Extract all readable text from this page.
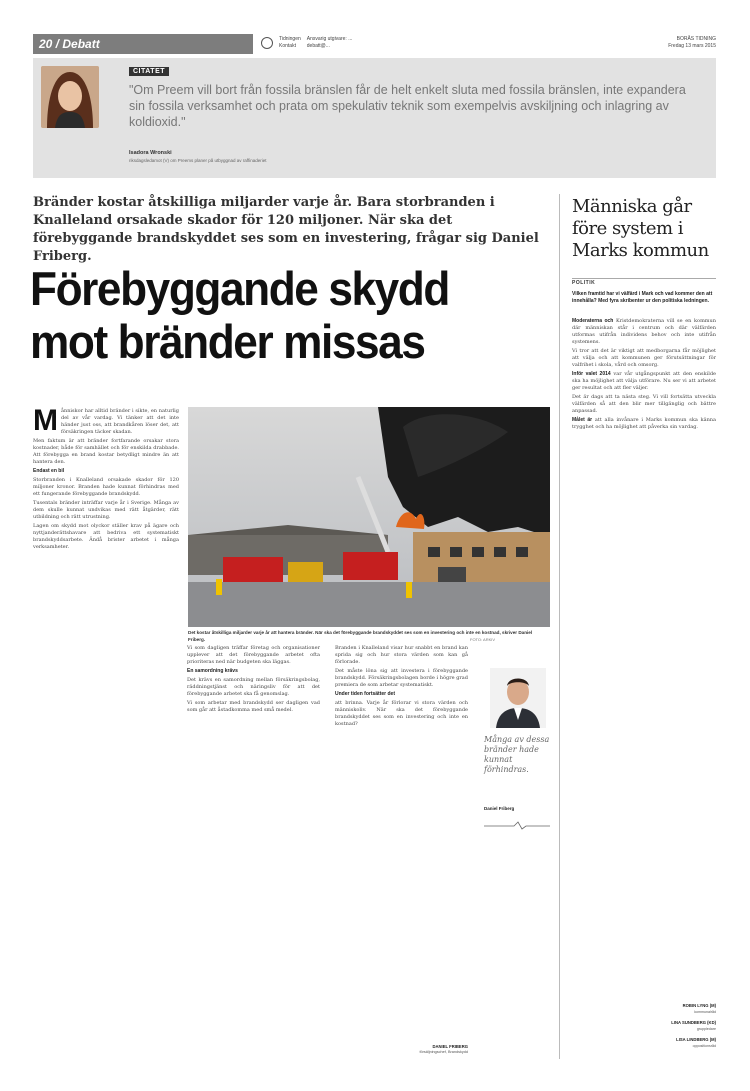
20 / Debatt	Tidningen
Kontakt
Ansvarig utgivare: ...
debatt@...
BORÅS TIDNING
Fredag 13 mars 2015
CITATET
"Om Preem vill bort från fossila bränslen får de helt enkelt sluta med fossila bränslen, inte expandera sin fossila verksamhet och prata om spekulativ teknik som exempelvis avskiljning och inlagring av koldioxid."
Isadora Wronski
riksdagsledamot (V) om Preems planer på utbyggnad av raffinaderiet
Bränder kostar åtskilliga miljarder varje år. Bara storbranden i Knalleland orsakade skador för 120 miljoner. När ska det förebyggande brandskyddet ses som en investering, frågar sig Daniel Friberg.
Förebyggande skydd mot bränder missas
M ånniskor har alltid bränder i sikte, en naturlig del av vår vardag. Vi tänker att det inte händer just oss, att brandkåren löser det, att försäkringen täcker skadan.

Men faktum är att bränder fortfarande orsakar stora kostnader, både för samhället och för enskilda drabbade. Att förebygga en brand kostar betydligt mindre än att hantera den.

Endast en bil

Storbranden i Knalleland orsakade skador för 120 miljoner kronor. Branden hade kunnat förhindras med ett fungerande förebyggande brandskydd.

Tusentals bränder inträffar varje år i Sverige. Många av dem skulle kunnat undvikas med rätt åtgärder, rätt utbildning och rätt utrustning.

Lagen om skydd mot olyckor ställer krav på ägare och nyttjanderättshavare att bedriva ett systematiskt brandskyddsarbete. Ändå brister arbetet i många verksamheter.

Det kostar åtskilliga miljarder varje år att hantera bränder. När ska det förebyggande brandskyddet ses som en investering och inte en kostnad, skriver Daniel Friberg.	FOTO: ARKIV

Vi som dagligen träffar företag och organisationer upplever att det förebyggande arbetet ofta prioriteras ned när budgeten ska läggas.

En samordning krävs

Det krävs en samordning mellan försäkringsbolag, räddningstjänst och näringsliv för att det förebyggande arbetet ska få genomslag.

Vi som arbetar med brandskydd ser dagligen vad som går att åstadkomma med små medel.

Branden i Knalleland visar hur snabbt en brand kan sprida sig och hur stora värden som kan gå förlorade.

Det måste löna sig att investera i förebyggande brandskydd. Försäkringsbolagen borde i högre grad premiera de som arbetar systematiskt.

Under tiden fortsätter det

att brinna. Varje år förlorar vi stora värden och människoliv. När ska det förebyggande brandskyddet ses som en investering och inte en kostnad?

DANIEL FRIBERG
försäljningschef, Brandskydd
Många av dessa bränder hade kunnat förhindras.
Daniel Friberg
Människa går före system i Marks kommun
POLITIK
Vilken framtid har vi välfärd i Mark och vad kommer den att innehålla? Med fyra skribenter ur den politiska ledningen.

Moderaterna och Kristdemokraterna vill se en kommun där människan står i centrum och där välfärden utformas utifrån individens behov och inte utifrån systemens.

Vi tror att det är viktigt att medborgarna får möjlighet att välja och att kommunen ger förutsättningar för valfrihet i skola, vård och omsorg.

Inför valet 2014 var vår utgångspunkt att den enskilde ska ha möjlighet att välja utförare. Nu ser vi att arbetet ger resultat och att fler väljer.

Det är dags att ta nästa steg. Vi vill fortsätta utveckla välfärden så att den blir mer tillgänglig och bättre anpassad.

Målet är att alla invånare i Marks kommun ska känna trygghet och ha möjlighet att påverka sin vardag.

ROBIN LYNG (M)
kommunalråd
LINA SUNDBERG (KD)
gruppledare
LISA LINDBERG (M)
oppositionsråd
